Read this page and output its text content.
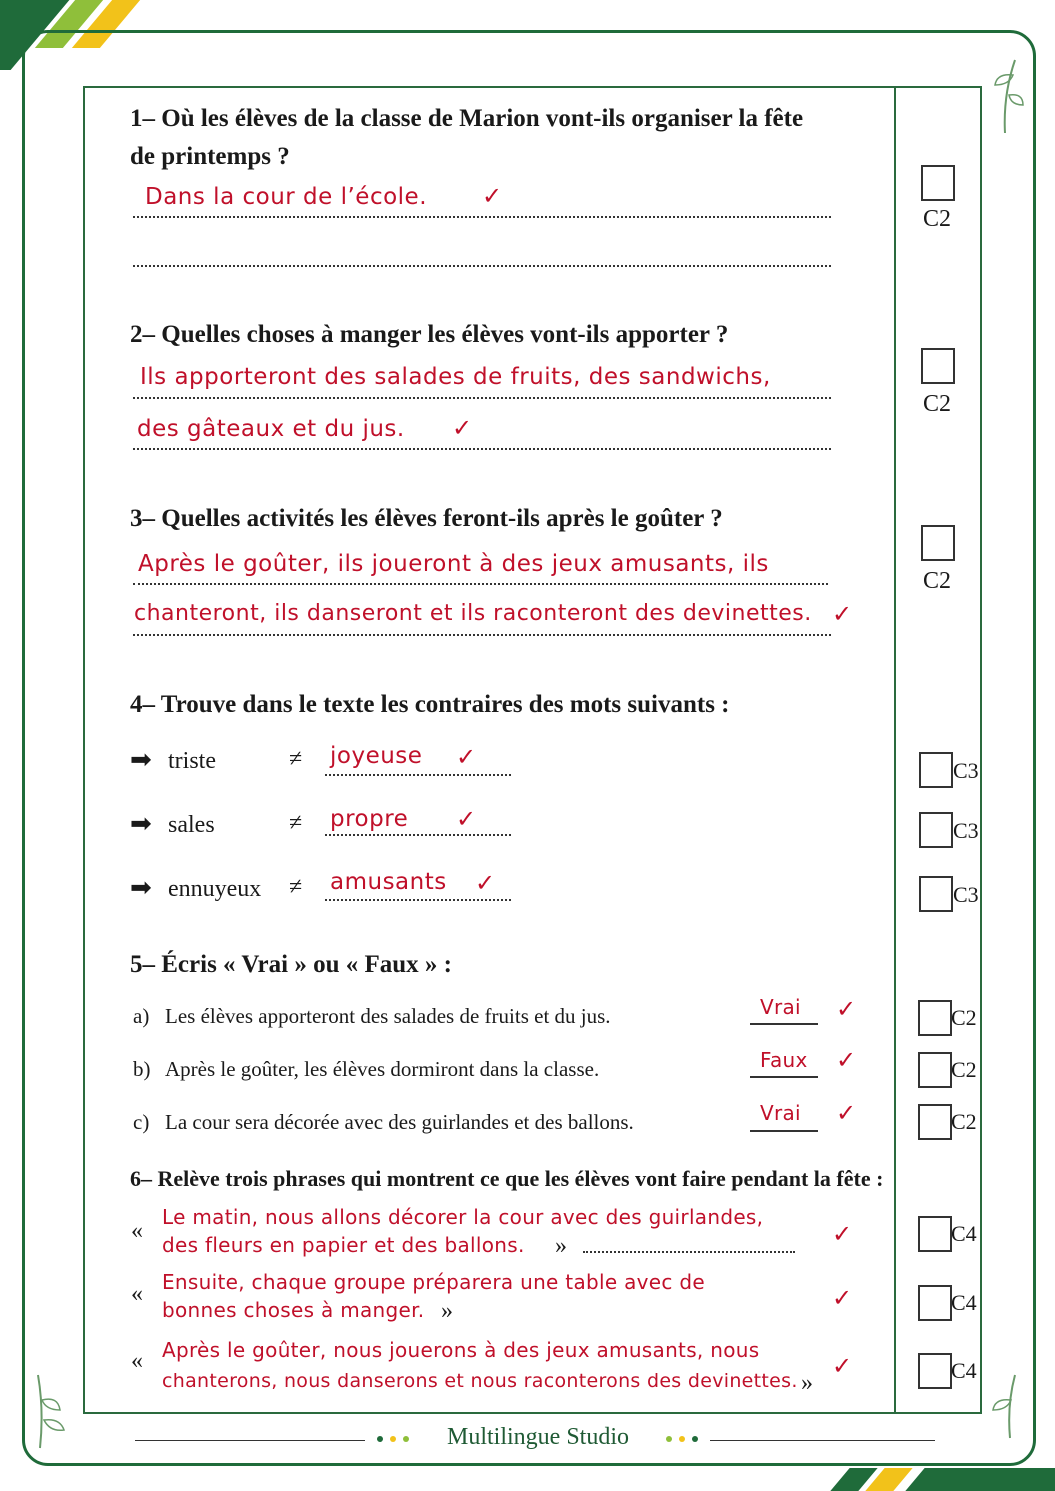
1– Où les élèves de la classe de Marion vont-ils organiser la fête
de printemps ?
Dans la cour de l’école. ✓
C2
2– Quelles choses à manger les élèves vont-ils apporter ?
Ils apporteront des salades de fruits, des sandwichs,
des gâteaux et du jus. ✓
C2
3– Quelles activités les élèves feront-ils après le goûter ?
Après le goûter, ils joueront à des jeux amusants, ils
chanteront, ils danseront et ils raconteront des devinettes. ✓
C2
4– Trouve dans le texte les contraires des mots suivants :
➡ triste	≠ joyeuse ✓	C3
➡ sales	≠ propre ✓	C3
➡ ennuyeux ≠ amusants ✓	C3
5– Écris « Vrai » ou « Faux » :
a) Les élèves apporteront des salades de fruits et du jus.	Vrai ✓	C2
b) Après le goûter, les élèves dormiront dans la classe.	Faux ✓	C2
c) La cour sera décorée avec des guirlandes et des ballons.	Vrai ✓	C2
6– Relève trois phrases qui montrent ce que les élèves vont faire pendant la fête :
«
Le matin, nous allons décorer la cour avec des guirlandes,
des fleurs en papier et des ballons. »	✓	C4
« Ensuite, chaque groupe préparera une table avec de
bonnes choses à manger. »	✓	C4
« Après le goûter, nous jouerons à des jeux amusants, nous
chanterons, nous danserons et nous raconterons des devinettes. »
✓	C4
Multilingue Studio
